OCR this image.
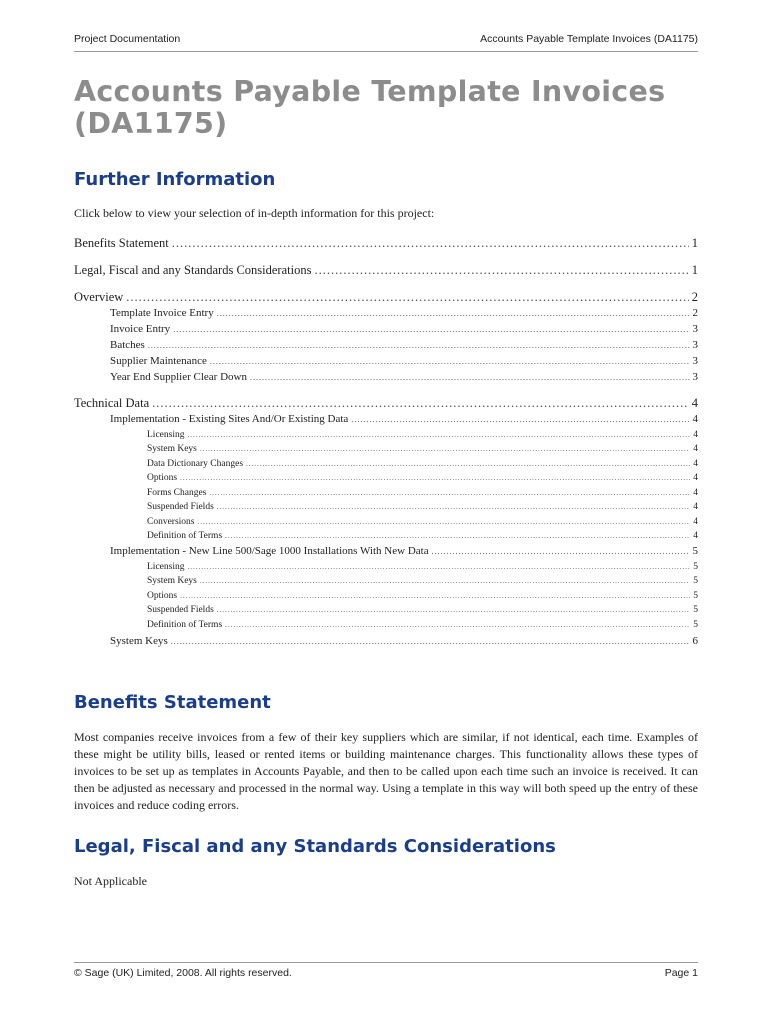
Project Documentation	Accounts Payable Template Invoices (DA1175)
Accounts Payable Template Invoices (DA1175)
Further Information
Click below to view your selection of in-depth information for this project:
Benefits Statement .....	1
Legal, Fiscal and any Standards Considerations .....	1
Overview .....	2
Template Invoice Entry .....	2
Invoice Entry .....	3
Batches .....	3
Supplier Maintenance .....	3
Year End Supplier Clear Down .....	3
Technical Data .....	4
Implementation - Existing Sites And/Or Existing Data .....	4
Licensing .....	4
System Keys .....	4
Data Dictionary Changes .....	4
Options .....	4
Forms Changes .....	4
Suspended Fields .....	4
Conversions .....	4
Definition of Terms .....	4
Implementation - New Line 500/Sage 1000 Installations With New Data .....	5
Licensing .....	5
System Keys .....	5
Options .....	5
Suspended Fields .....	5
Definition of Terms .....	5
System Keys .....	6
Benefits Statement

Most companies receive invoices from a few of their key suppliers which are similar, if not identical, each time. Examples of these might be utility bills, leased or rented items or building maintenance charges. This functionality allows these types of invoices to be set up as templates in Accounts Payable, and then to be called upon each time such an invoice is received. It can then be adjusted as necessary and processed in the normal way. Using a template in this way will both speed up the entry of these invoices and reduce coding errors.

Legal, Fiscal and any Standards Considerations
Not Applicable
© Sage (UK) Limited, 2008. All rights reserved.	Page 1
